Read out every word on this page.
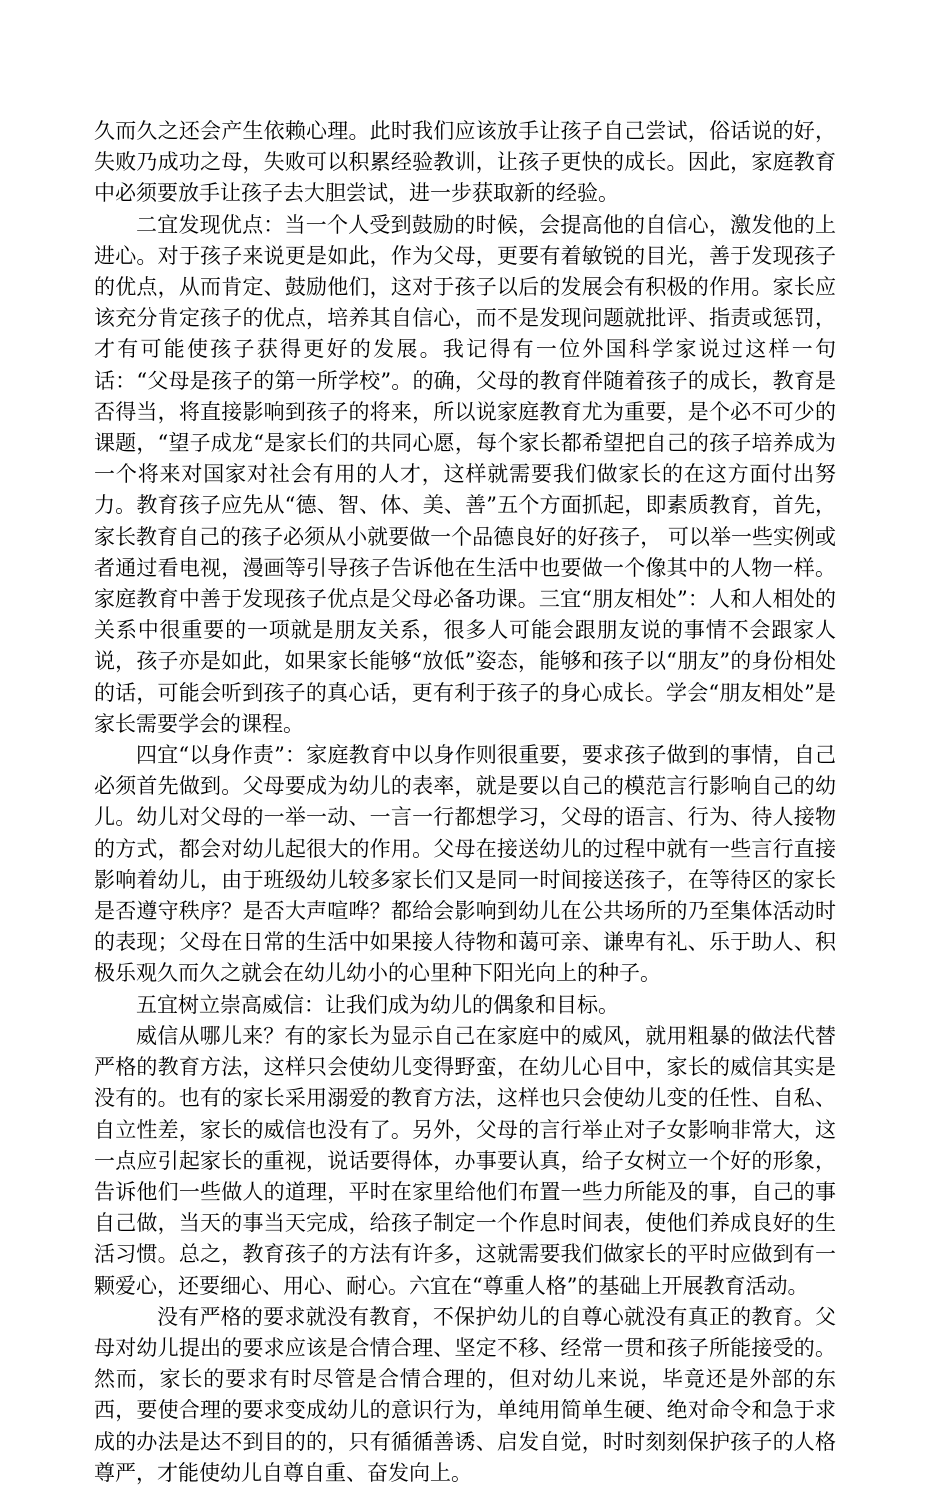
久而久之还会产生依赖心理。此时我们应该放手让孩子自己尝试，俗话说的好，失败乃成功之母，失败可以积累经验教训，让孩子更快的成长。因此，家庭教育中必须要放手让孩子去大胆尝试，进一步获取新的经验。

二宜发现优点：当一个人受到鼓励的时候，会提高他的自信心，激发他的上进心。对于孩子来说更是如此，作为父母，更要有着敏锐的目光，善于发现孩子的优点，从而肯定、鼓励他们，这对于孩子以后的发展会有积极的作用。家长应该充分肯定孩子的优点，培养其自信心，而不是发现问题就批评、指责或惩罚，才有可能使孩子获得更好的发展。我记得有一位外国科学家说过这样一句话：“父母是孩子的第一所学校”。的确，父母的教育伴随着孩子的成长，教育是否得当，将直接影响到孩子的将来，所以说家庭教育尤为重要，是个必不可少的课题，“望子成龙“是家长们的共同心愿，每个家长都希望把自己的孩子培养成为一个将来对国家对社会有用的人才，这样就需要我们做家长的在这方面付出努力。教育孩子应先从“德、智、体、美、善”五个方面抓起，即素质教育，首先，家长教育自己的孩子必须从小就要做一个品德良好的好孩子， 可以举一些实例或者通过看电视，漫画等引导孩子告诉他在生活中也要做一个像其中的人物一样。家庭教育中善于发现孩子优点是父母必备功课。三宜“朋友相处”：人和人相处的关系中很重要的一项就是朋友关系，很多人可能会跟朋友说的事情不会跟家人说，孩子亦是如此，如果家长能够“放低”姿态，能够和孩子以“朋友”的身份相处的话，可能会听到孩子的真心话，更有利于孩子的身心成长。学会“朋友相处”是家长需要学会的课程。

四宜“以身作责”：家庭教育中以身作则很重要，要求孩子做到的事情，自己必须首先做到。父母要成为幼儿的表率，就是要以自己的模范言行影响自己的幼儿。幼儿对父母的一举一动、一言一行都想学习，父母的语言、行为、待人接物的方式，都会对幼儿起很大的作用。父母在接送幼儿的过程中就有一些言行直接影响着幼儿，由于班级幼儿较多家长们又是同一时间接送孩子，在等待区的家长是否遵守秩序？是否大声喧哗？都给会影响到幼儿在公共场所的乃至集体活动时的表现；父母在日常的生活中如果接人待物和蔼可亲、谦卑有礼、乐于助人、积极乐观久而久之就会在幼儿幼小的心里种下阳光向上的种子。

五宜树立崇高威信：让我们成为幼儿的偶象和目标。

威信从哪儿来？有的家长为显示自己在家庭中的威风，就用粗暴的做法代替严格的教育方法，这样只会使幼儿变得野蛮，在幼儿心目中，家长的威信其实是没有的。也有的家长采用溺爱的教育方法，这样也只会使幼儿变的任性、自私、自立性差，家长的威信也没有了。另外，父母的言行举止对子女影响非常大，这一点应引起家长的重视，说话要得体，办事要认真，给子女树立一个好的形象，告诉他们一些做人的道理，平时在家里给他们布置一些力所能及的事，自己的事自己做，当天的事当天完成，给孩子制定一个作息时间表，使他们养成良好的生活习惯。总之，教育孩子的方法有许多，这就需要我们做家长的平时应做到有一颗爱心，还要细心、用心、耐心。六宜在“尊重人格”的基础上开展教育活动。

没有严格的要求就没有教育，不保护幼儿的自尊心就没有真正的教育。父母对幼儿提出的要求应该是合情合理、坚定不移、经常一贯和孩子所能接受的。然而，家长的要求有时尽管是合情合理的，但对幼儿来说，毕竟还是外部的东西，要使合理的要求变成幼儿的意识行为，单纯用简单生硬、绝对命令和急于求成的办法是达不到目的的，只有循循善诱、启发自觉，时时刻刻保护孩子的人格尊严，才能使幼儿自尊自重、奋发向上。
